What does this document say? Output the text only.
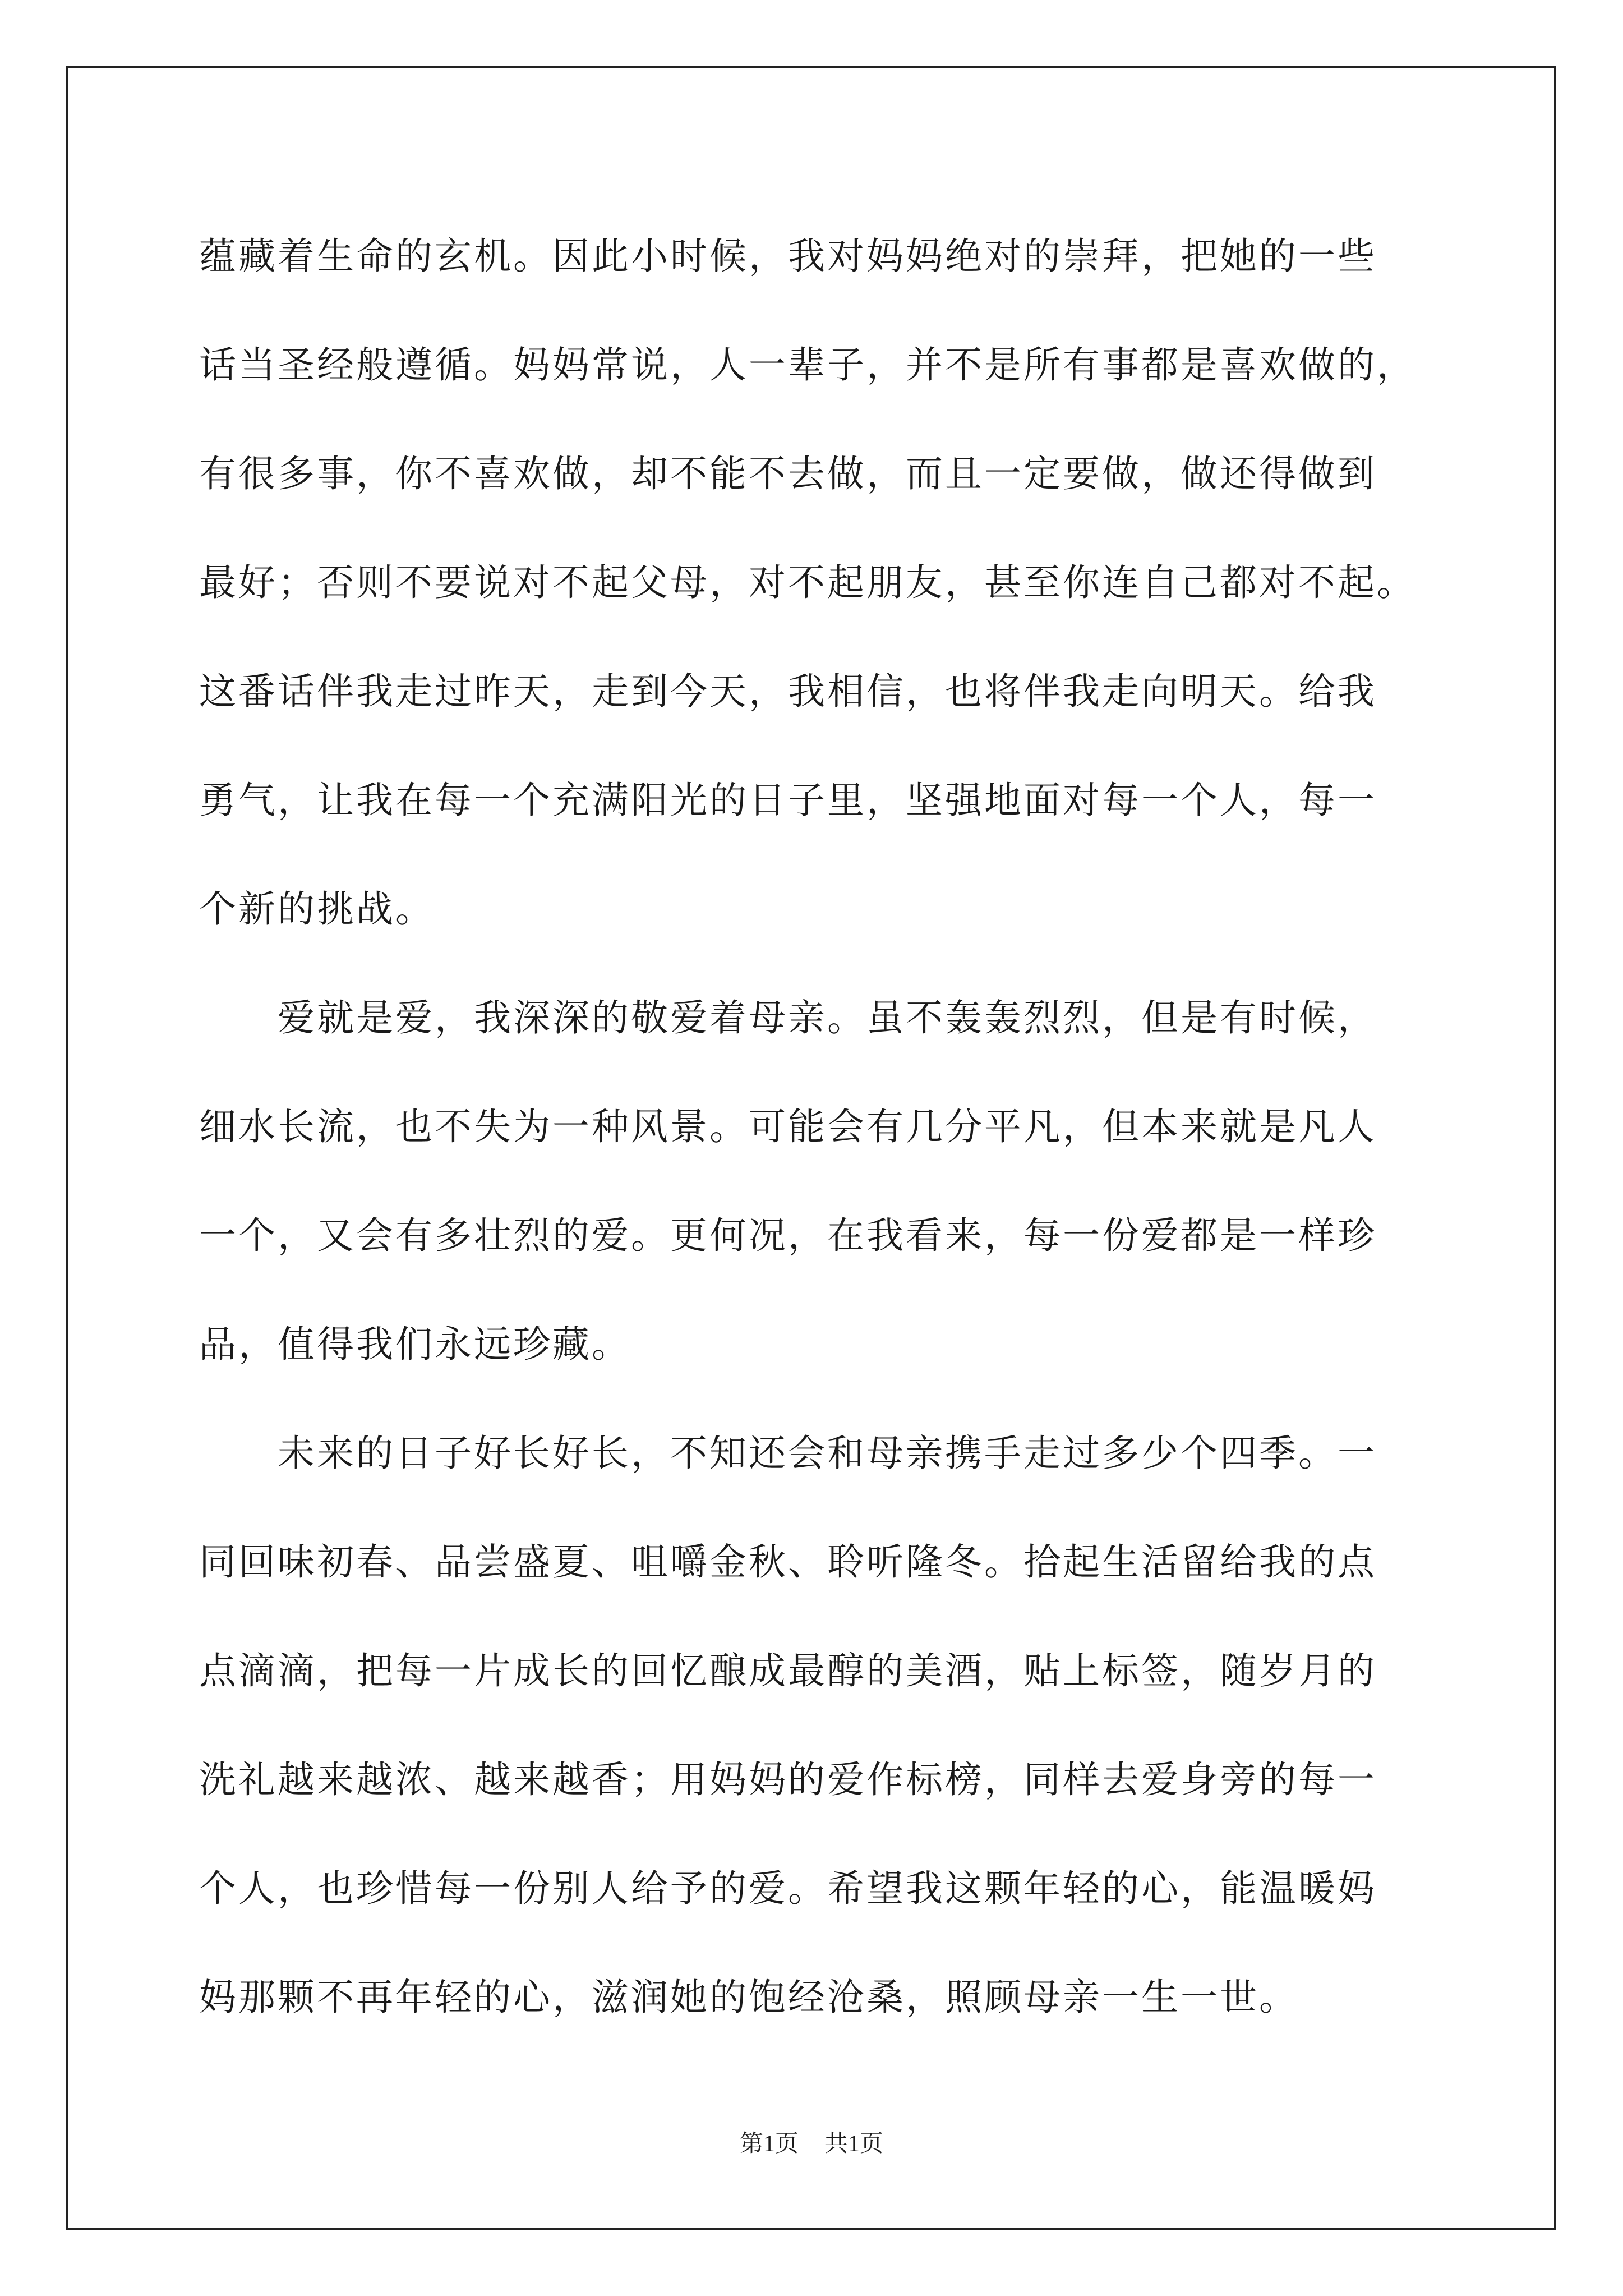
蕴藏着生命的玄机。因此小时候，我对妈妈绝对的崇拜，把她的一些
话当圣经般遵循。妈妈常说，人一辈子，并不是所有事都是喜欢做的，
有很多事，你不喜欢做，却不能不去做，而且一定要做，做还得做到
最好；否则不要说对不起父母，对不起朋友，甚至你连自己都对不起。
这番话伴我走过昨天，走到今天，我相信，也将伴我走向明天。给我
勇气，让我在每一个充满阳光的日子里，坚强地面对每一个人，每一
个新的挑战。
　　爱就是爱，我深深的敬爱着母亲。虽不轰轰烈烈，但是有时候，
细水长流，也不失为一种风景。可能会有几分平凡，但本来就是凡人
一个，又会有多壮烈的爱。更何况，在我看来，每一份爱都是一样珍
品，值得我们永远珍藏。
　　未来的日子好长好长，不知还会和母亲携手走过多少个四季。一
同回味初春、品尝盛夏、咀嚼金秋、聆听隆冬。拾起生活留给我的点
点滴滴，把每一片成长的回忆酿成最醇的美酒，贴上标签，随岁月的
洗礼越来越浓、越来越香；用妈妈的爱作标榜，同样去爱身旁的每一
个人，也珍惜每一份别人给予的爱。希望我这颗年轻的心，能温暖妈
妈那颗不再年轻的心，滋润她的饱经沧桑，照顾母亲一生一世。
第1页 共1页
